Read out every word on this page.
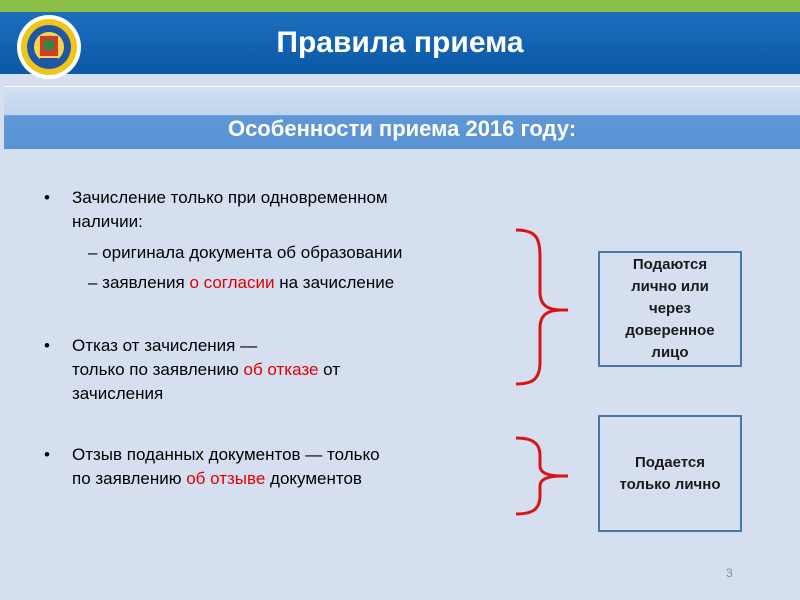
Правила приема
Особенности приема 2016 году:
• Зачисление только при одновременном
наличии:
– оригинала документа об образовании
– заявления о согласии на зачисление
• Отказ от зачисления —
только по заявлению об отказе от
зачисления
• Отзыв поданных документов — только
по заявлению об отзыве документов
Подаются
лично или
через
доверенное
лицо
Подается
только лично
3
